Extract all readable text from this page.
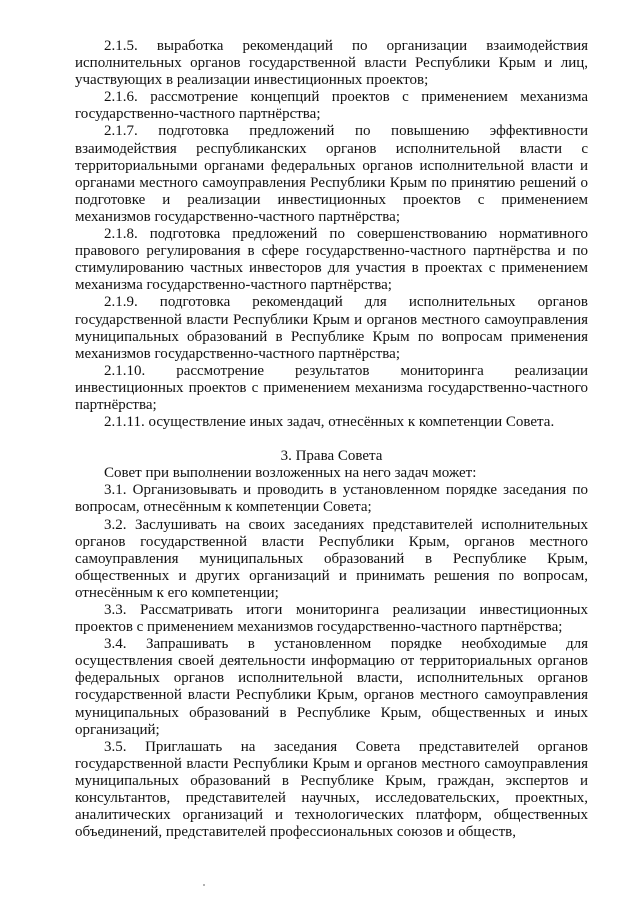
2.1.5. выработка рекомендаций по организации взаимодействия исполнительных органов государственной власти Республики Крым и лиц, участвующих в реализации инвестиционных проектов;

2.1.6. рассмотрение концепций проектов с применением механизма государственно-частного партнёрства;

2.1.7. подготовка предложений по повышению эффективности взаимодействия республиканских органов исполнительной власти с территориальными органами федеральных органов исполнительной власти и органами местного самоуправления Республики Крым по принятию решений о подготовке и реализации инвестиционных проектов с применением механизмов государственно-частного партнёрства;

2.1.8. подготовка предложений по совершенствованию нормативного правового регулирования в сфере государственно-частного партнёрства и по стимулированию частных инвесторов для участия в проектах с применением механизма государственно-частного партнёрства;

2.1.9. подготовка рекомендаций для исполнительных органов государственной власти Республики Крым и органов местного самоуправления муниципальных образований в Республике Крым по вопросам применения механизмов государственно-частного партнёрства;

2.1.10. рассмотрение результатов мониторинга реализации инвестиционных проектов с применением механизма государственно-частного партнёрства;

2.1.11. осуществление иных задач, отнесённых к компетенции Совета.

3. Права Совета

Совет при выполнении возложенных на него задач может:

3.1. Организовывать и проводить в установленном порядке заседания по вопросам, отнесённым к компетенции Совета;

3.2. Заслушивать на своих заседаниях представителей исполнительных органов государственной власти Республики Крым, органов местного самоуправления муниципальных образований в Республике Крым, общественных и других организаций и принимать решения по вопросам, отнесённым к его компетенции;

3.3. Рассматривать итоги мониторинга реализации инвестиционных проектов с применением механизмов государственно-частного партнёрства;

3.4. Запрашивать в установленном порядке необходимые для осуществления своей деятельности информацию от территориальных органов федеральных органов исполнительной власти, исполнительных органов государственной власти Республики Крым, органов местного самоуправления муниципальных образований в Республике Крым, общественных и иных организаций;

3.5. Приглашать на заседания Совета представителей органов государственной власти Республики Крым и органов местного самоуправления муниципальных образований в Республике Крым, граждан, экспертов и консультантов, представителей научных, исследовательских, проектных, аналитических организаций и технологических платформ, общественных объединений, представителей профессиональных союзов и обществ,
